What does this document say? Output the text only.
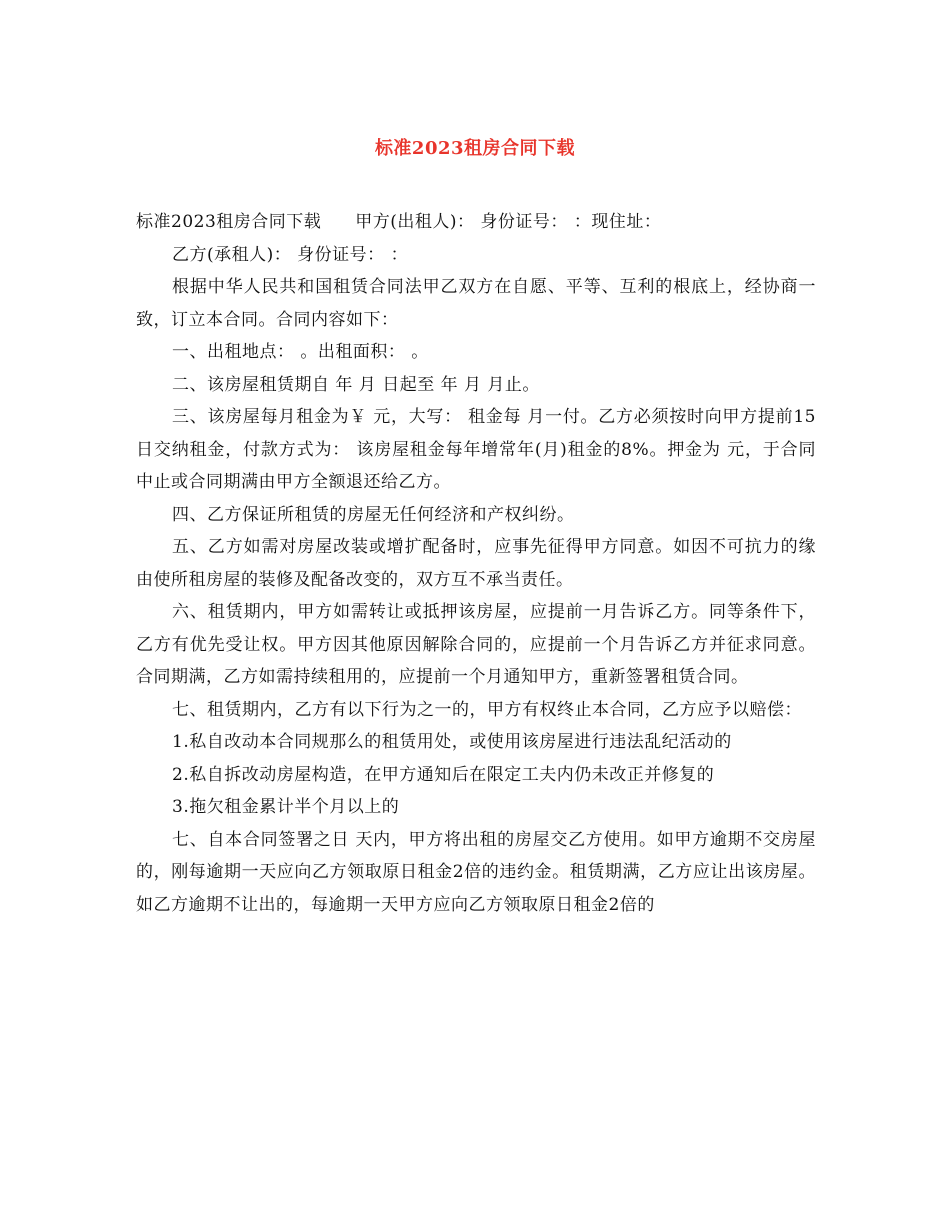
标准2023租房合同下载

标准2023租房合同下载 甲方(出租人)： 身份证号： ：现住址：

乙方(承租人)： 身份证号： ：

根据中华人民共和国租赁合同法甲乙双方在自愿、平等、互利的根底上，经协商一致，订立本合同。合同内容如下：

一、出租地点： 。出租面积： 。

二、该房屋租赁期自 年 月 日起至 年 月 月止。

三、该房屋每月租金为￥ 元，大写： 租金每 月一付。乙方必须按时向甲方提前15日交纳租金，付款方式为： 该房屋租金每年增常年(月)租金的8%。押金为 元，于合同中止或合同期满由甲方全额退还给乙方。

四、乙方保证所租赁的房屋无任何经济和产权纠纷。

五、乙方如需对房屋改装或增扩配备时，应事先征得甲方同意。如因不可抗力的缘由使所租房屋的装修及配备改变的，双方互不承当责任。

六、租赁期内，甲方如需转让或抵押该房屋，应提前一月告诉乙方。同等条件下，乙方有优先受让权。甲方因其他原因解除合同的，应提前一个月告诉乙方并征求同意。合同期满，乙方如需持续租用的，应提前一个月通知甲方，重新签署租赁合同。

七、租赁期内，乙方有以下行为之一的，甲方有权终止本合同，乙方应予以赔偿：

1.私自改动本合同规那么的租赁用处，或使用该房屋进行违法乱纪活动的

2.私自拆改动房屋构造，在甲方通知后在限定工夫内仍未改正并修复的

3.拖欠租金累计半个月以上的

七、自本合同签署之日 天内，甲方将出租的房屋交乙方使用。如甲方逾期不交房屋的，刚每逾期一天应向乙方领取原日租金2倍的违约金。租赁期满，乙方应让出该房屋。如乙方逾期不让出的，每逾期一天甲方应向乙方领取原日租金2倍的
